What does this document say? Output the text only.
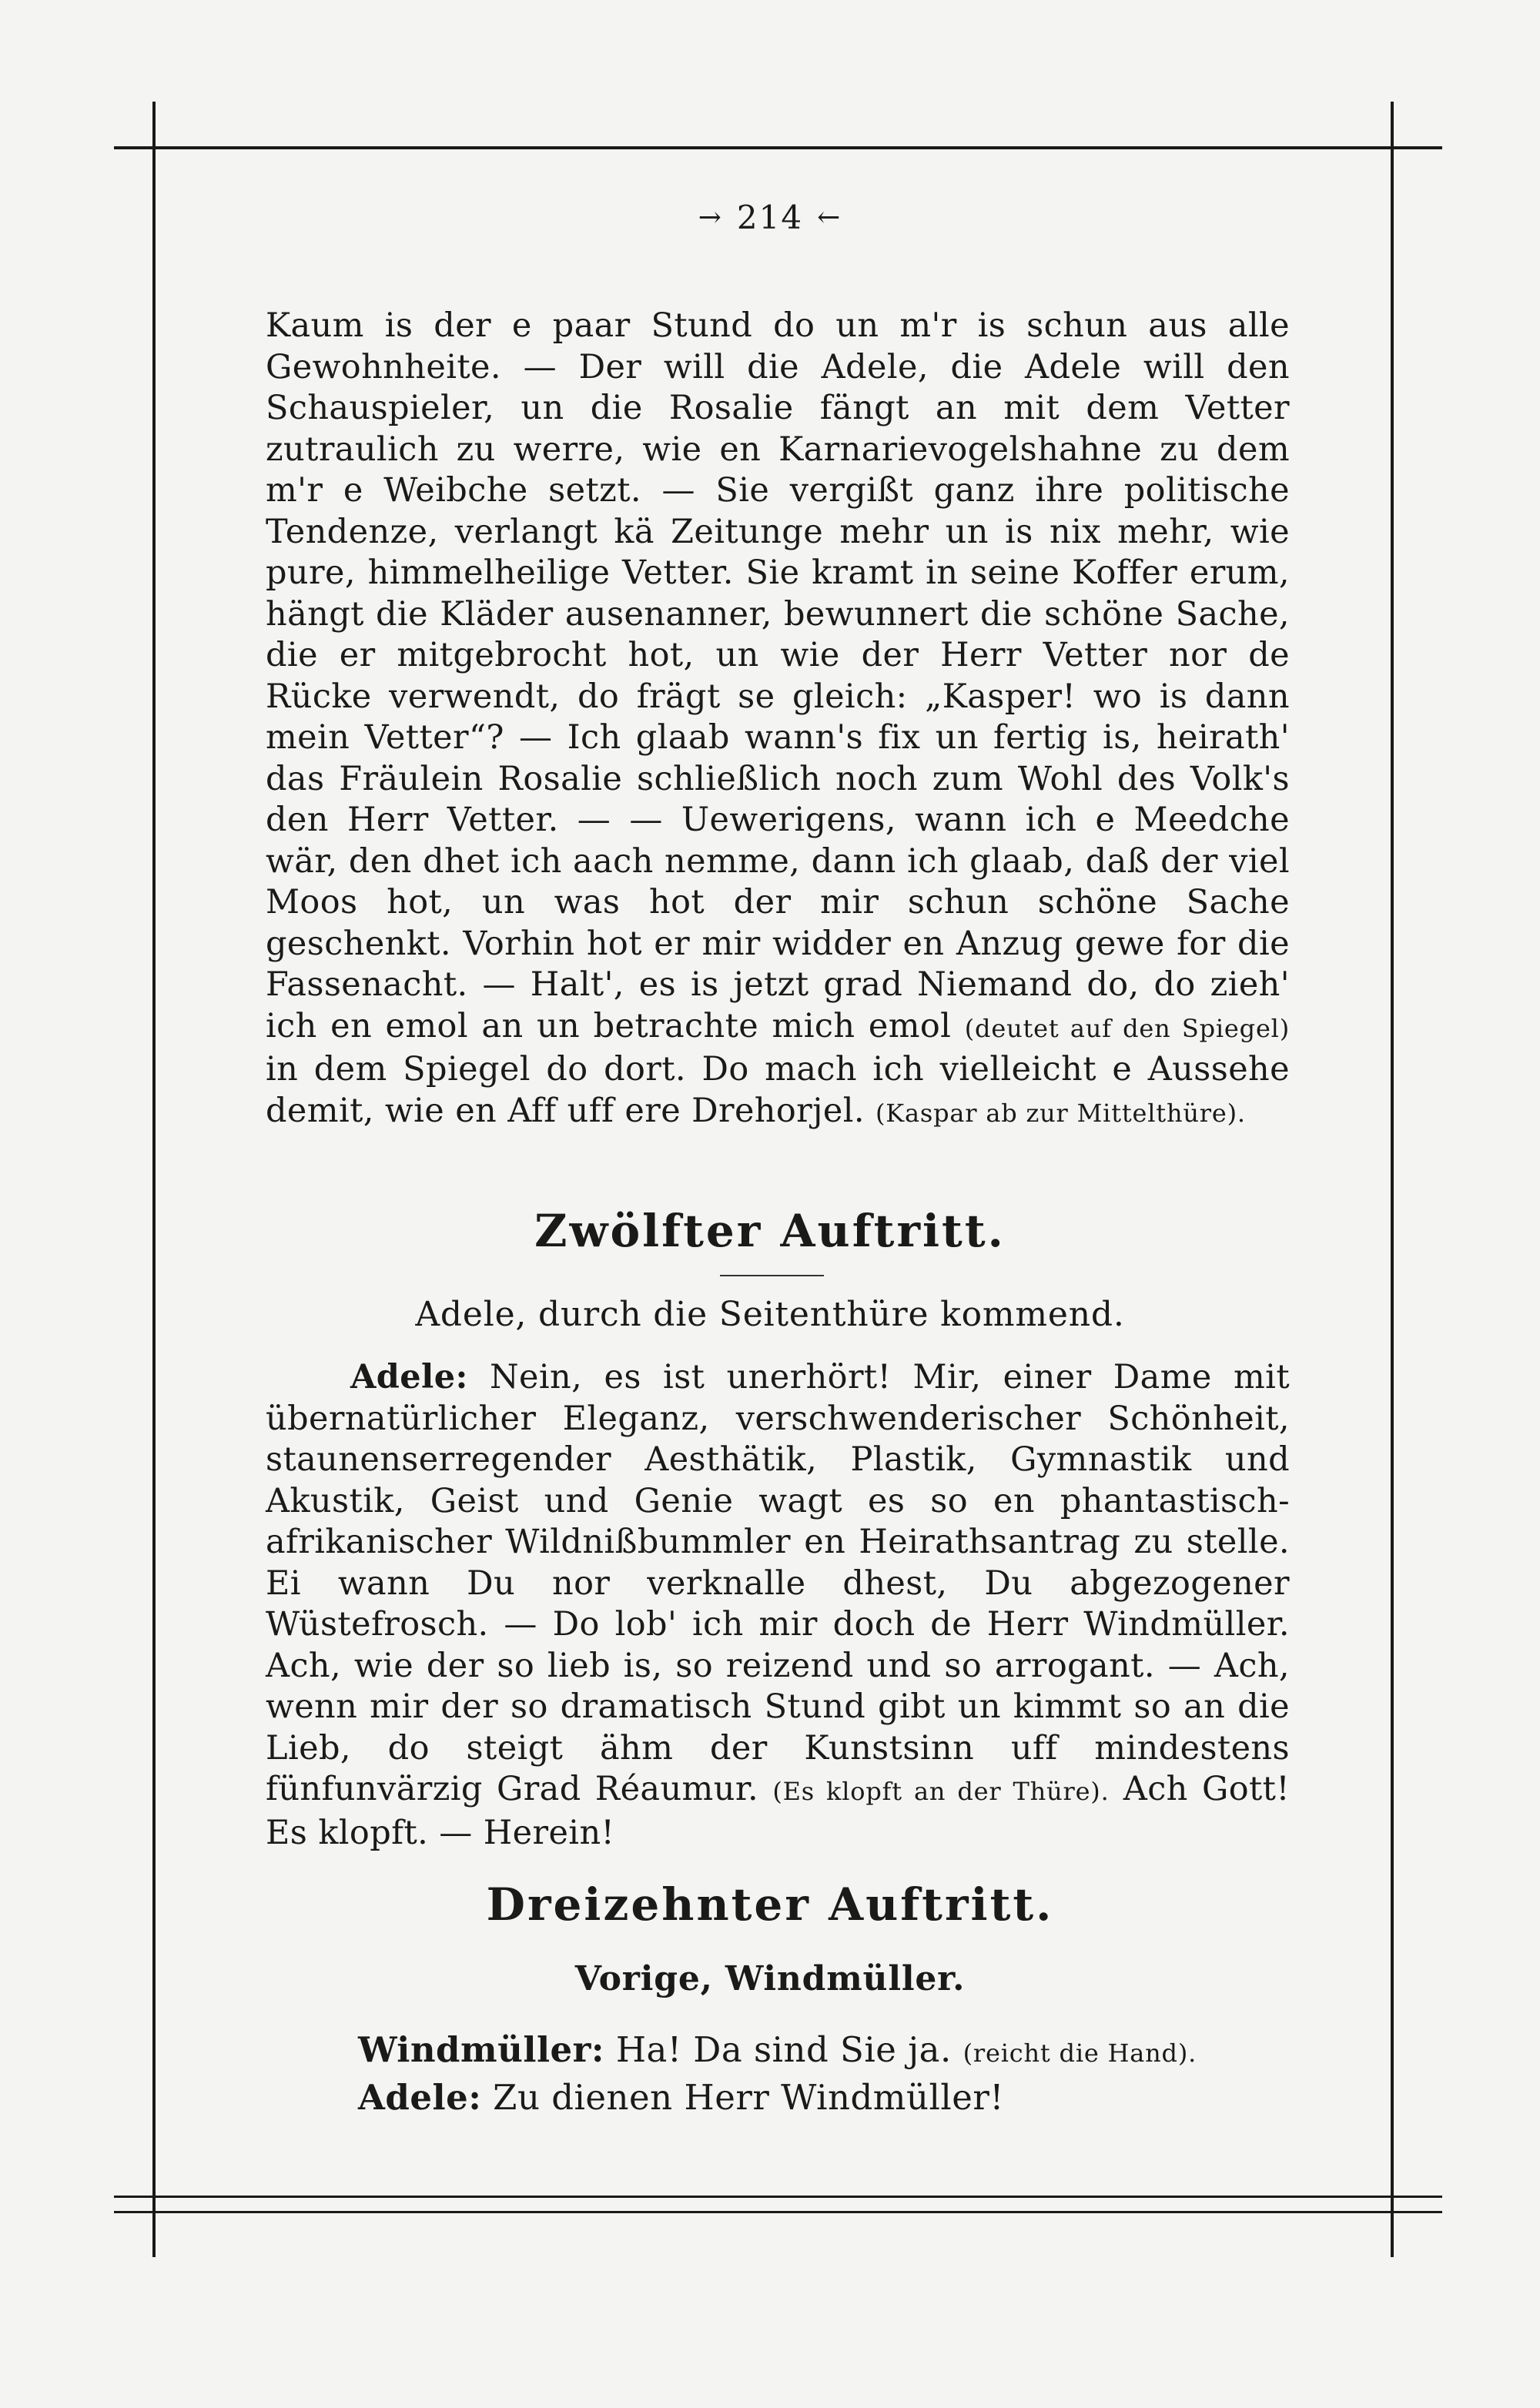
→ 214 ←

Kaum is der e paar Stund do un m'r is schun aus alle Gewohnheite. — Der will die Adele, die Adele will den Schauspieler, un die Rosalie fängt an mit dem Vetter zutraulich zu werre, wie en Karnarievogelshahne zu dem m'r e Weibche setzt. — Sie vergißt ganz ihre politische Tendenze, verlangt kä Zeitunge mehr un is nix mehr, wie pure, himmelheilige Vetter. Sie kramt in seine Koffer erum, hängt die Kläder ausenanner, bewunnert die schöne Sache, die er mitgebrocht hot, un wie der Herr Vetter nor de Rücke verwendt, do frägt se gleich: „Kasper! wo is dann mein Vetter“? — Ich glaab wann's fix un fertig is, heirath' das Fräulein Rosalie schließlich noch zum Wohl des Volk's den Herr Vetter. — — Uewerigens, wann ich e Meedche wär, den dhet ich aach nemme, dann ich glaab, daß der viel Moos hot, un was hot der mir schun schöne Sache geschenkt. Vorhin hot er mir widder en Anzug gewe for die Fassenacht. — Halt', es is jetzt grad Niemand do, do zieh' ich en emol an un betrachte mich emol (deutet auf den Spiegel) in dem Spiegel do dort. Do mach ich vielleicht e Aussehe demit, wie en Aff uff ere Drehorjel. (Kaspar ab zur Mittelthüre).

Zwölfter Auftritt.
Adele, durch die Seitenthüre kommend.

Adele: Nein, es ist unerhört! Mir, einer Dame mit übernatürlicher Eleganz, verschwenderischer Schönheit, staunenserregender Aesthätik, Plastik, Gymnastik und Akustik, Geist und Genie wagt es so en phantastisch-afrikanischer Wildnißbummler en Heirathsantrag zu stelle. Ei wann Du nor verknalle dhest, Du abgezogener Wüstefrosch. — Do lob' ich mir doch de Herr Windmüller. Ach, wie der so lieb is, so reizend und so arrogant. — Ach, wenn mir der so dramatisch Stund gibt un kimmt so an die Lieb, do steigt ähm der Kunstsinn uff mindestens fünfunvärzig Grad Réaumur. (Es klopft an der Thüre). Ach Gott! Es klopft. — Herein!

Dreizehnter Auftritt.
Vorige, Windmüller.
Windmüller: Ha! Da sind Sie ja. (reicht die Hand).
Adele: Zu dienen Herr Windmüller!
